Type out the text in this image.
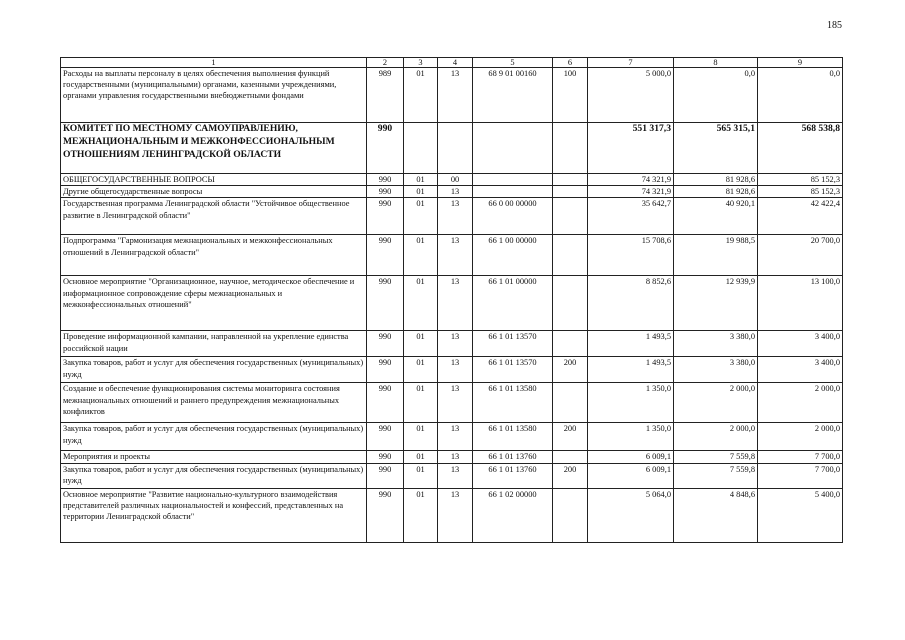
185
1	2	3	4	5	6	7	8	9
Расходы на выплаты персоналу в целях обеспечения выполнения функций государственными (муниципальными) органами, казенными учреждениями, органами управления государственными внебюджетными фондами	989	01	13	68 9 01 00160	100	5 000,0	0,0	0,0
КОМИТЕТ ПО МЕСТНОМУ САМОУПРАВЛЕНИЮ, МЕЖНАЦИОНАЛЬНЫМ И МЕЖКОНФЕССИОНАЛЬНЫМ ОТНОШЕНИЯМ ЛЕНИНГРАДСКОЙ ОБЛАСТИ	990					551 317,3	565 315,1	568 538,8
ОБЩЕГОСУДАРСТВЕННЫЕ ВОПРОСЫ	990	01	00			74 321,9	81 928,6	85 152,3
Другие общегосударственные вопросы	990	01	13			74 321,9	81 928,6	85 152,3
Государственная программа Ленинградской области "Устойчивое общественное развитие в Ленинградской области"	990	01	13	66 0 00 00000		35 642,7	40 920,1	42 422,4
Подпрограмма "Гармонизация межнациональных и межконфессиональных отношений в Ленинградской области"	990	01	13	66 1 00 00000		15 708,6	19 988,5	20 700,0
Основное мероприятие "Организационное, научное, методическое обеспечение и информационное сопровождение сферы межнациональных и межконфессиональных отношений"	990	01	13	66 1 01 00000		8 852,6	12 939,9	13 100,0
Проведение информационной кампании, направленной на укрепление единства российской нации	990	01	13	66 1 01 13570		1 493,5	3 380,0	3 400,0
Закупка товаров, работ и услуг для обеспечения государственных (муниципальных) нужд	990	01	13	66 1 01 13570	200	1 493,5	3 380,0	3 400,0
Создание и обеспечение функционирования системы мониторинга состояния межнациональных отношений и раннего предупреждения межнациональных конфликтов	990	01	13	66 1 01 13580		1 350,0	2 000,0	2 000,0
Закупка товаров, работ и услуг для обеспечения государственных (муниципальных) нужд	990	01	13	66 1 01 13580	200	1 350,0	2 000,0	2 000,0
Мероприятия и проекты	990	01	13	66 1 01 13760		6 009,1	7 559,8	7 700,0
Закупка товаров, работ и услуг для обеспечения государственных (муниципальных) нужд	990	01	13	66 1 01 13760	200	6 009,1	7 559,8	7 700,0
Основное мероприятие "Развитие национально-культурного взаимодействия представителей различных национальностей и конфессий, представленных на территории Ленинградской области"	990	01	13	66 1 02 00000		5 064,0	4 848,6	5 400,0
